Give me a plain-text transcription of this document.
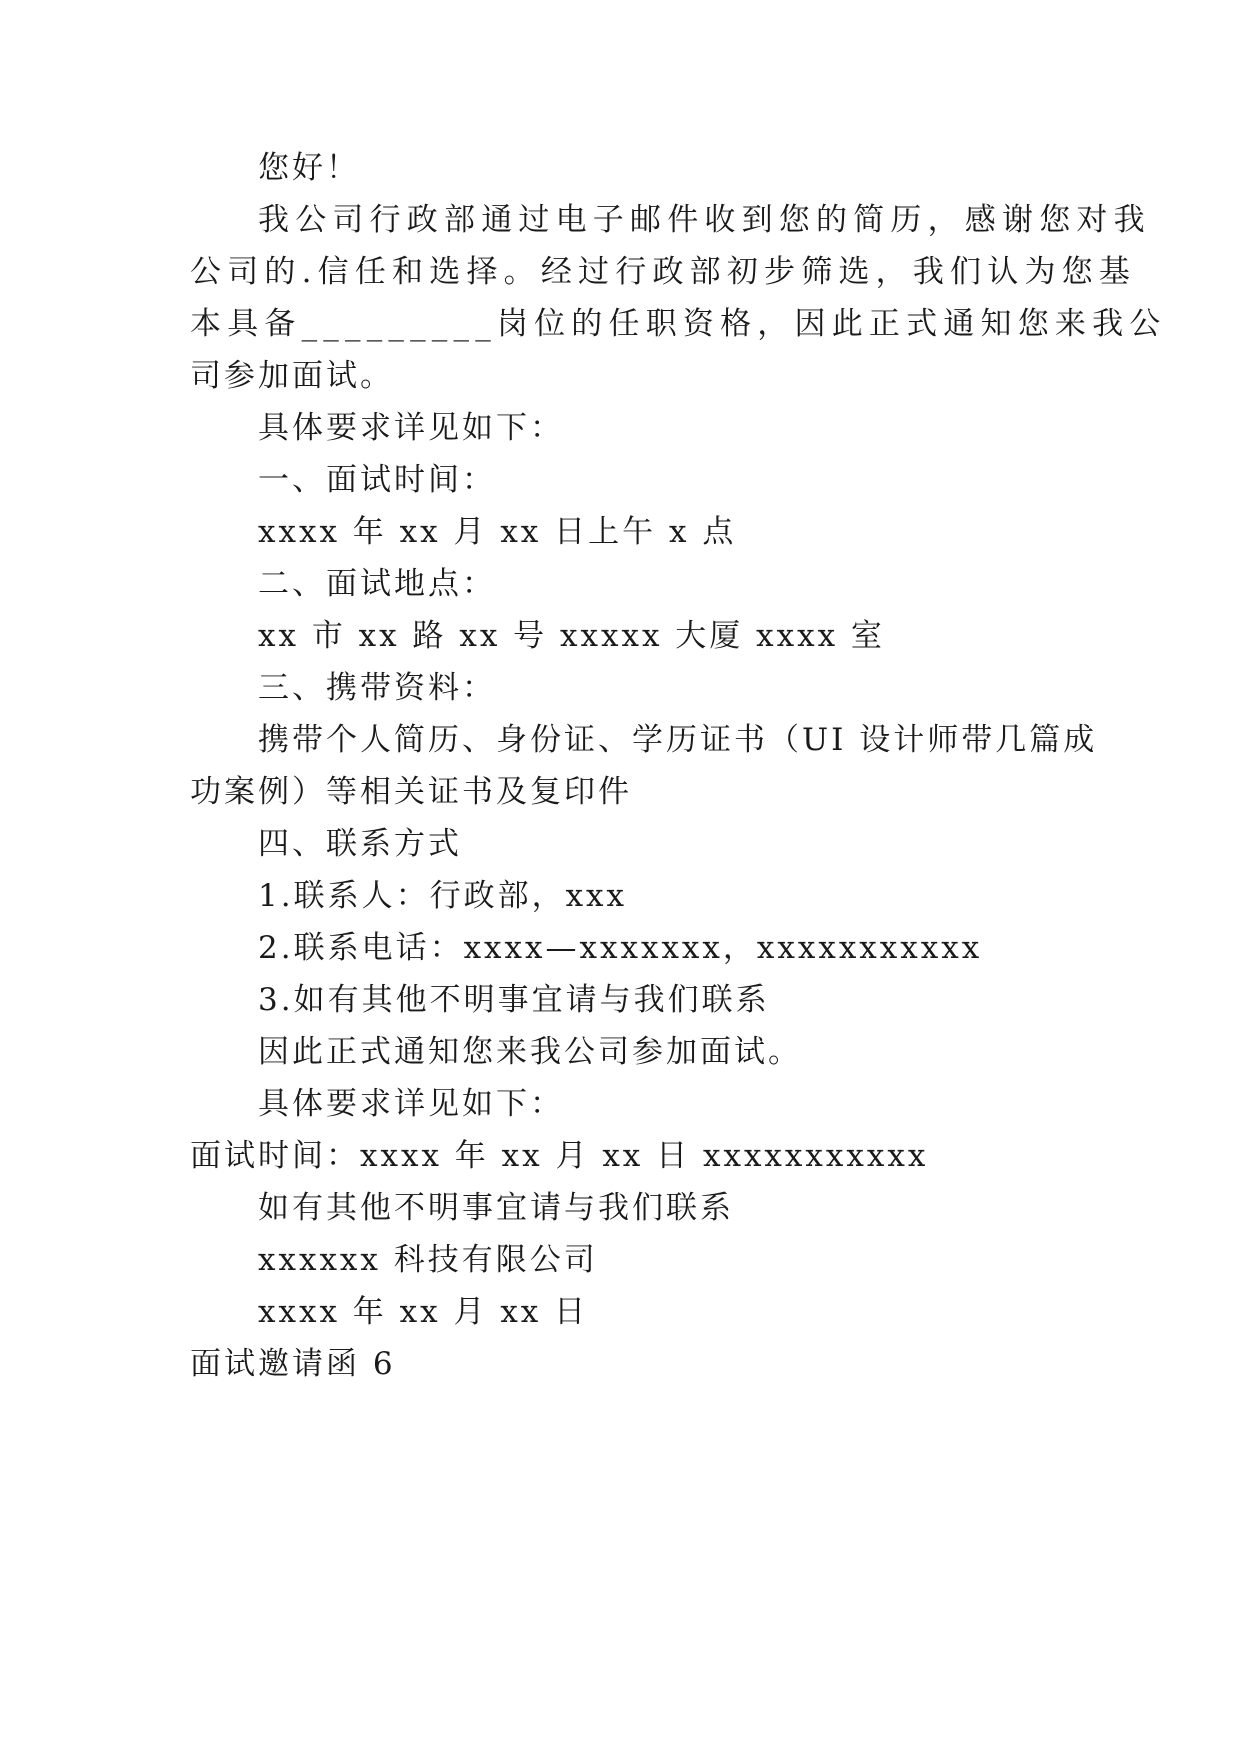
您好！
我公司行政部通过电子邮件收到您的简历，感谢您对我
公司的.信任和选择。经过行政部初步筛选，我们认为您基
本具备_________岗位的任职资格，因此正式通知您来我公
司参加面试。
具体要求详见如下：
一、面试时间：
xxxx 年 xx 月 xx 日上午 x 点
二、面试地点：
xx 市 xx 路 xx 号 xxxxx 大厦 xxxx 室
三、携带资料：
携带个人简历、身份证、学历证书（UI 设计师带几篇成
功案例）等相关证书及复印件
四、联系方式
1.联系人：行政部，xxx
2.联系电话：xxxx—xxxxxxx，xxxxxxxxxxx
3.如有其他不明事宜请与我们联系
因此正式通知您来我公司参加面试。
具体要求详见如下：
面试时间：xxxx 年 xx 月 xx 日 xxxxxxxxxxx
如有其他不明事宜请与我们联系
xxxxxx 科技有限公司
xxxx 年 xx 月 xx 日
面试邀请函 6
